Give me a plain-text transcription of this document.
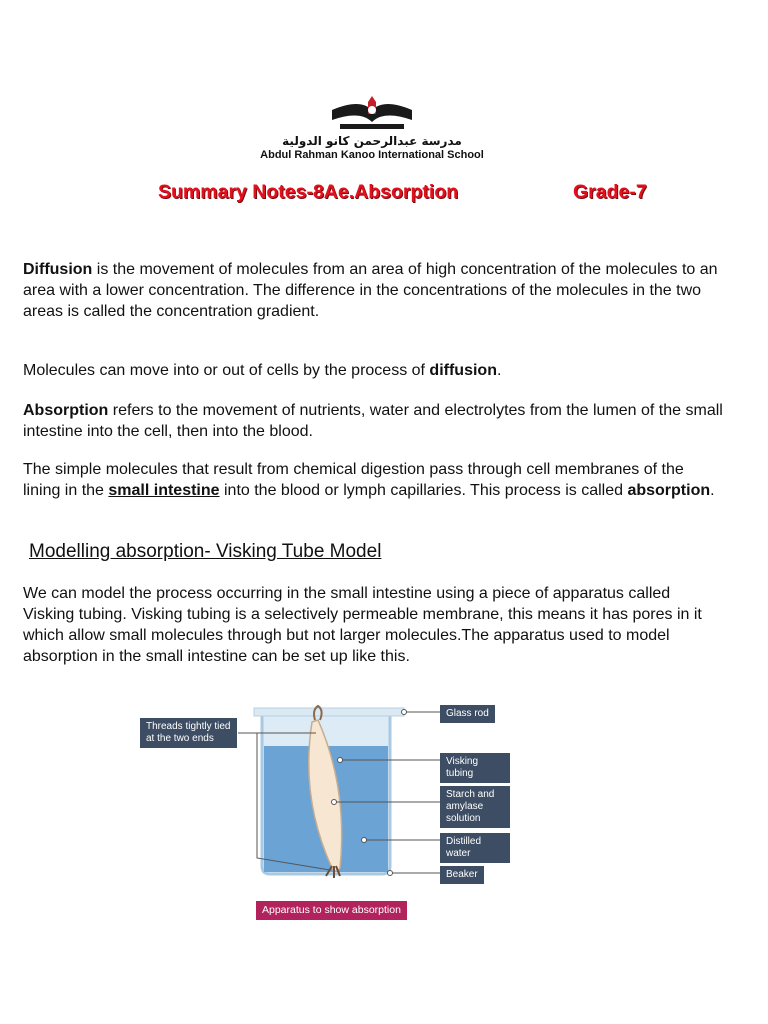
مدرسة عبدالرحمن كانو الدولية
Abdul Rahman Kanoo International School
Summary Notes-8Ae.Absorption	Grade-7
Diffusion is the movement of molecules from an area of high concentration of the molecules to an area with a lower concentration. The difference in the concentrations of the molecules in the two areas is called the concentration gradient.
Molecules can move into or out of cells by the process of diffusion.
Absorption refers to the movement of nutrients, water and electrolytes from the lumen of the small intestine into the cell, then into the blood.
The simple molecules that result from chemical digestion pass through cell membranes of the lining in the small intestine into the blood or lymph capillaries. This process is called absorption.
Modelling absorption- Visking Tube Model
We can model the process occurring in the small intestine using a piece of apparatus called Visking tubing. Visking tubing is a selectively permeable membrane, this means it has pores in it which allow small molecules through but not larger molecules.The apparatus used to model absorption in the small intestine can be set up like this.
Threads tightly tied
at the two ends
Glass rod
Visking tubing
Starch and
amylase solution
Distilled water
Beaker
Apparatus to show absorption
